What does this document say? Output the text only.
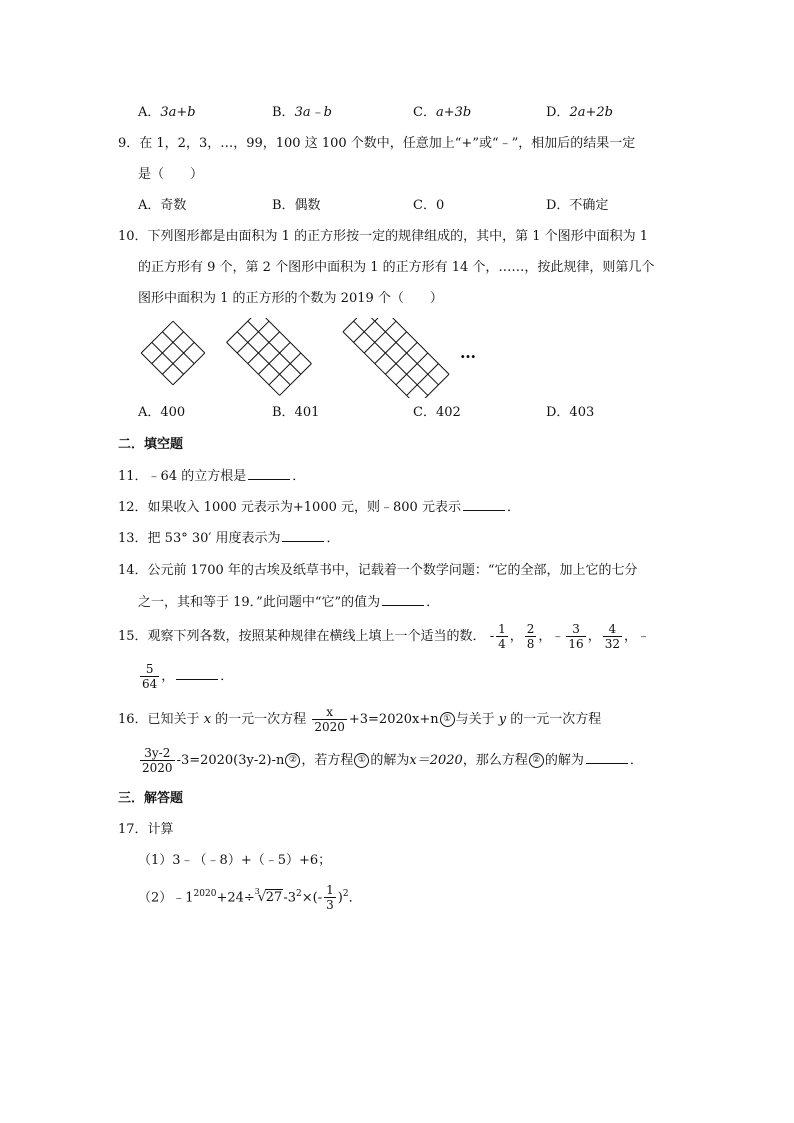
A．3a+b	B．3a﹣b	C．a+3b	D．2a+2b
9．在 1，2，3，…，99，100 这 100 个数中，任意加上“+”或“﹣”，相加后的结果一定
是（　　）
A．奇数	B．偶数	C．0	D．不确定
10．下列图形都是由面积为 1 的正方形按一定的规律组成的，其中，第 1 个图形中面积为 1
的正方形有 9 个，第 2 个图形中面积为 1 的正方形有 14 个，……，按此规律，则第几个
图形中面积为 1 的正方形的个数为 2019 个（　　）
…
A．400	B．401	C．402	D．403
二．填空题
11．﹣64 的立方根是	．
12．如果收入 1000 元表示为+1000 元，则﹣800 元表示	．
13．把 53° 30′ 用度表示为	．
14．公元前 1700 年的古埃及纸草书中，记载着一个数学问题：“它的全部，加上它的七分
之一，其和等于 19．”此问题中“它”的值为	．
15．观察下列各数，按照某种规律在横线上填上一个适当的数． - $\frac{1}{4}$ ， $\frac{2}{8}$ ，﹣ $\frac{3}{16}$ ， $\frac{4}{32}$ ，﹣
$\frac{5}{64}$ ，	．
16．已知关于 x 的一元一次方程 $\frac{x}{2020} +3=2020x+n$ ① 与关于 y 的一元一次方程
$\frac{3y-2}{2020} -3=2020(3y-2)-n$ ② ，若方程 ① 的解为x＝2020，那么方程 ② 的解为	．
三．解答题
17．计算
（1）3﹣（﹣8）+（﹣5）+6；
$(2)﹣1^{2020}+24\div 3$
√ $27-3^2\times(- \frac{1}{3} )^2$．
